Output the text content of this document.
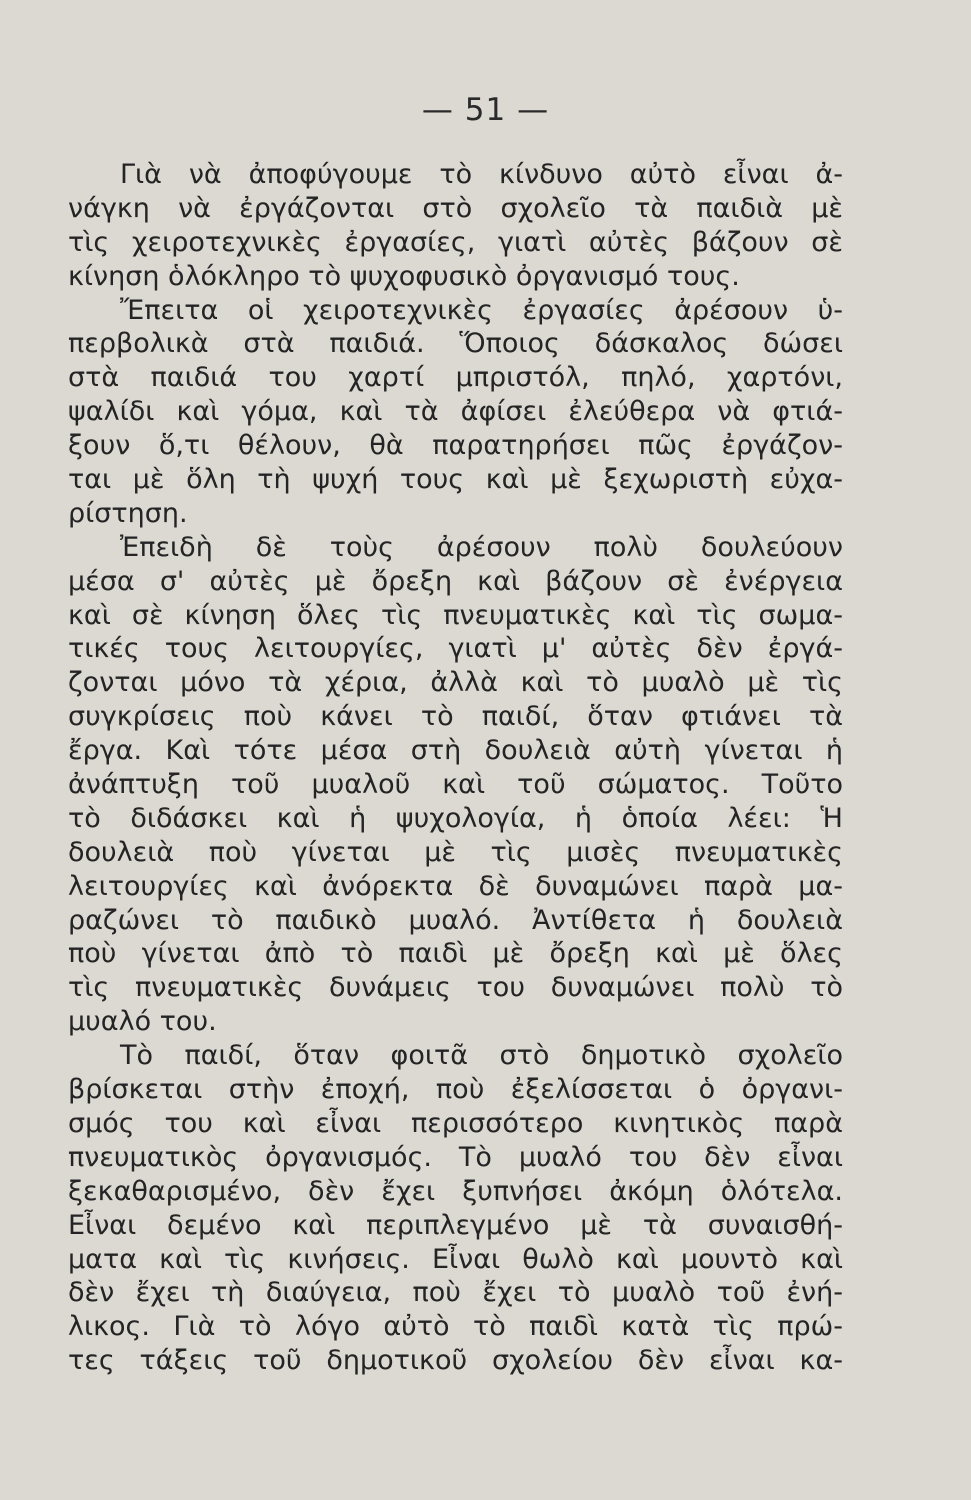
— 51 —
Γιὰ νὰ ἀποφύγουμε τὸ κίνδυνο αὐτὸ εἶναι ἀ-
νάγκη νὰ ἐργάζονται στὸ σχολεῖο τὰ παιδιὰ μὲ
τὶς χειροτεχνικὲς ἐργασίες, γιατὶ αὐτὲς βάζουν σὲ
κίνηση ὁλόκληρο τὸ ψυχοφυσικὸ ὀργανισμό τους.
Ἔπειτα οἱ χειροτεχνικὲς ἐργασίες ἀρέσουν ὑ-
περβολικὰ στὰ παιδιά. Ὅποιος δάσκαλος δώσει
στὰ παιδιά του χαρτί μπριστόλ, πηλό, χαρτόνι,
ψαλίδι καὶ γόμα, καὶ τὰ ἀφίσει ἐλεύθερα νὰ φτιά-
ξουν ὅ,τι θέλουν, θὰ παρατηρήσει πῶς ἐργάζον-
ται μὲ ὅλη τὴ ψυχή τους καὶ μὲ ξεχωριστὴ εὐχα-
ρίστηση.
Ἐπειδὴ δὲ τοὺς ἀρέσουν πολὺ δουλεύουν
μέσα σ' αὐτὲς μὲ ὄρεξη καὶ βάζουν σὲ ἐνέργεια
καὶ σὲ κίνηση ὅλες τὶς πνευματικὲς καὶ τὶς σωμα-
τικές τους λειτουργίες, γιατὶ μ' αὐτὲς δὲν ἐργά-
ζονται μόνο τὰ χέρια, ἀλλὰ καὶ τὸ μυαλὸ μὲ τὶς
συγκρίσεις ποὺ κάνει τὸ παιδί, ὅταν φτιάνει τὰ
ἔργα. Καὶ τότε μέσα στὴ δουλειὰ αὐτὴ γίνεται ἡ
ἀνάπτυξη τοῦ μυαλοῦ καὶ τοῦ σώματος. Τοῦτο
τὸ διδάσκει καὶ ἡ ψυχολογία, ἡ ὁποία λέει: Ἡ
δουλειὰ ποὺ γίνεται μὲ τὶς μισὲς πνευματικὲς
λειτουργίες καὶ ἀνόρεκτα δὲ δυναμώνει παρὰ μα-
ραζώνει τὸ παιδικὸ μυαλό. Ἀντίθετα ἡ δουλειὰ
ποὺ γίνεται ἀπὸ τὸ παιδὶ μὲ ὄρεξη καὶ μὲ ὅλες
τὶς πνευματικὲς δυνάμεις του δυναμώνει πολὺ τὸ
μυαλό του.
Τὸ παιδί, ὅταν φοιτᾶ στὸ δημοτικὸ σχολεῖο
βρίσκεται στὴν ἐποχή, ποὺ ἐξελίσσεται ὁ ὀργανι-
σμός του καὶ εἶναι περισσότερο κινητικὸς παρὰ
πνευματικὸς ὀργανισμός. Τὸ μυαλό του δὲν εἶναι
ξεκαθαρισμένο, δὲν ἔχει ξυπνήσει ἀκόμη ὁλότελα.
Εἶναι δεμένο καὶ περιπλεγμένο μὲ τὰ συναισθή-
ματα καὶ τὶς κινήσεις. Εἶναι θωλὸ καὶ μουντὸ καὶ
δὲν ἔχει τὴ διαύγεια, ποὺ ἔχει τὸ μυαλὸ τοῦ ἐνή-
λικος. Γιὰ τὸ λόγο αὐτὸ τὸ παιδὶ κατὰ τὶς πρώ-
τες τάξεις τοῦ δημοτικοῦ σχολείου δὲν εἶναι κα-
